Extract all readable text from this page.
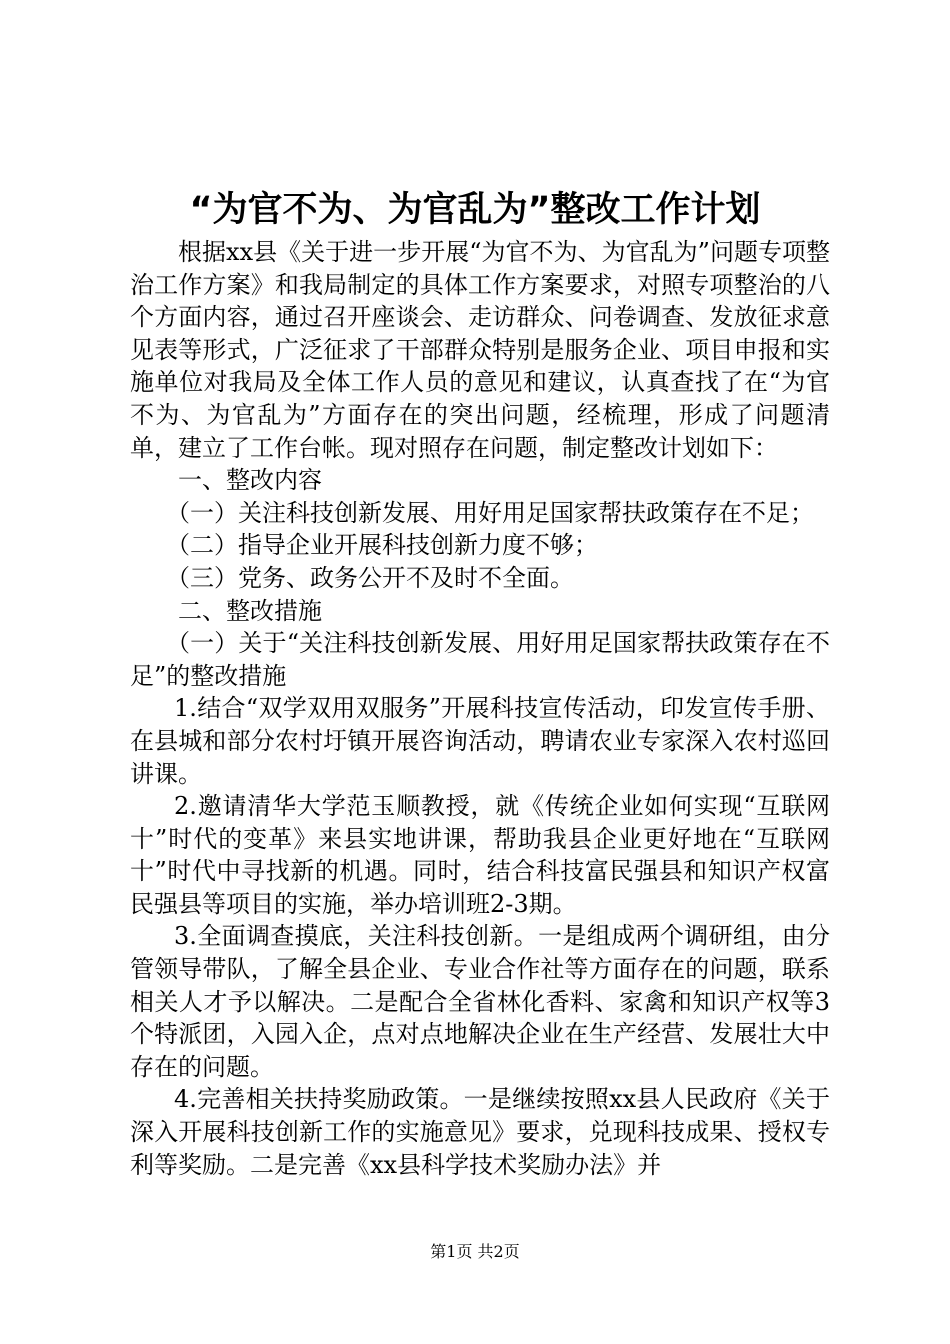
“为官不为、为官乱为”整改工作计划

根据xx县《关于进一步开展“为官不为、为官乱为”问题专项整治工作方案》和我局制定的具体工作方案要求，对照专项整治的八个方面内容，通过召开座谈会、走访群众、问卷调查、发放征求意见表等形式，广泛征求了干部群众特别是服务企业、项目申报和实施单位对我局及全体工作人员的意见和建议，认真查找了在“为官不为、为官乱为”方面存在的突出问题，经梳理，形成了问题清单，建立了工作台帐。现对照存在问题，制定整改计划如下：

一、整改内容

（一）关注科技创新发展、用好用足国家帮扶政策存在不足；

（二）指导企业开展科技创新力度不够；

（三）党务、政务公开不及时不全面。

二、整改措施

（一）关于“关注科技创新发展、用好用足国家帮扶政策存在不足”的整改措施

1.结合“双学双用双服务”开展科技宣传活动，印发宣传手册、在县城和部分农村圩镇开展咨询活动，聘请农业专家深入农村巡回讲课。

2.邀请清华大学范玉顺教授，就《传统企业如何实现“互联网十”时代的变革》来县实地讲课，帮助我县企业更好地在“互联网十”时代中寻找新的机遇。同时，结合科技富民强县和知识产权富民强县等项目的实施，举办培训班2-3期。

3.全面调查摸底，关注科技创新。一是组成两个调研组，由分管领导带队，了解全县企业、专业合作社等方面存在的问题，联系相关人才予以解决。二是配合全省林化香料、家禽和知识产权等3个特派团，入园入企，点对点地解决企业在生产经营、发展壮大中存在的问题。

4.完善相关扶持奖励政策。一是继续按照xx县人民政府《关于深入开展科技创新工作的实施意见》要求，兑现科技成果、授权专利等奖励。二是完善《xx县科学技术奖励办法》并

第1页 共2页
